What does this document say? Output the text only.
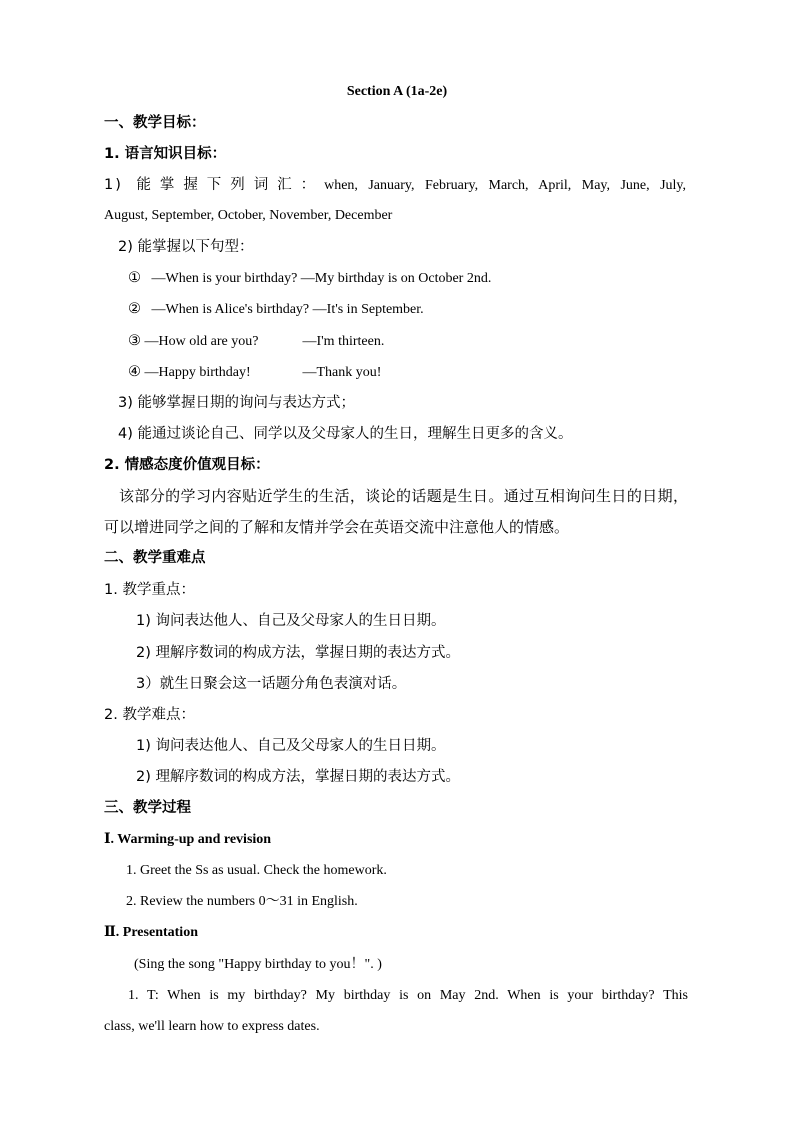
Section A (1a-2e)
一、教学目标：
1. 语言知识目标：
1) 能掌握下列词汇：when, January, February, March, April, May, June, July,
August, September, October, November, December
2) 能掌握以下句型：
① —When is your birthday? —My birthday is on October 2nd.
② —When is Alice's birthday? —It's in September.
③ —How old are you?	—I'm thirteen.
④ —Happy birthday!	—Thank you!
3) 能够掌握日期的询问与表达方式；
4) 能通过谈论自己、同学以及父母家人的生日，理解生日更多的含义。
2. 情感态度价值观目标：
该部分的学习内容贴近学生的生活，谈论的话题是生日。通过互相询问生日的日期，
可以增进同学之间的了解和友情并学会在英语交流中注意他人的情感。
二、教学重难点
1. 教学重点：
1) 询问表达他人、自己及父母家人的生日日期。
2) 理解序数词的构成方法，掌握日期的表达方式。
3）就生日聚会这一话题分角色表演对话。
2. 教学难点：
1) 询问表达他人、自己及父母家人的生日日期。
2) 理解序数词的构成方法，掌握日期的表达方式。
三、教学过程
Ⅰ. Warming-up and revision
1. Greet the Ss as usual. Check the homework.
2. Review the numbers 0～31 in English.
Ⅱ. Presentation
(Sing the song "Happy birthday to you！". )
1. T: When is my birthday? My birthday is on May 2nd. When is your birthday? This
class, we'll learn how to express dates.
